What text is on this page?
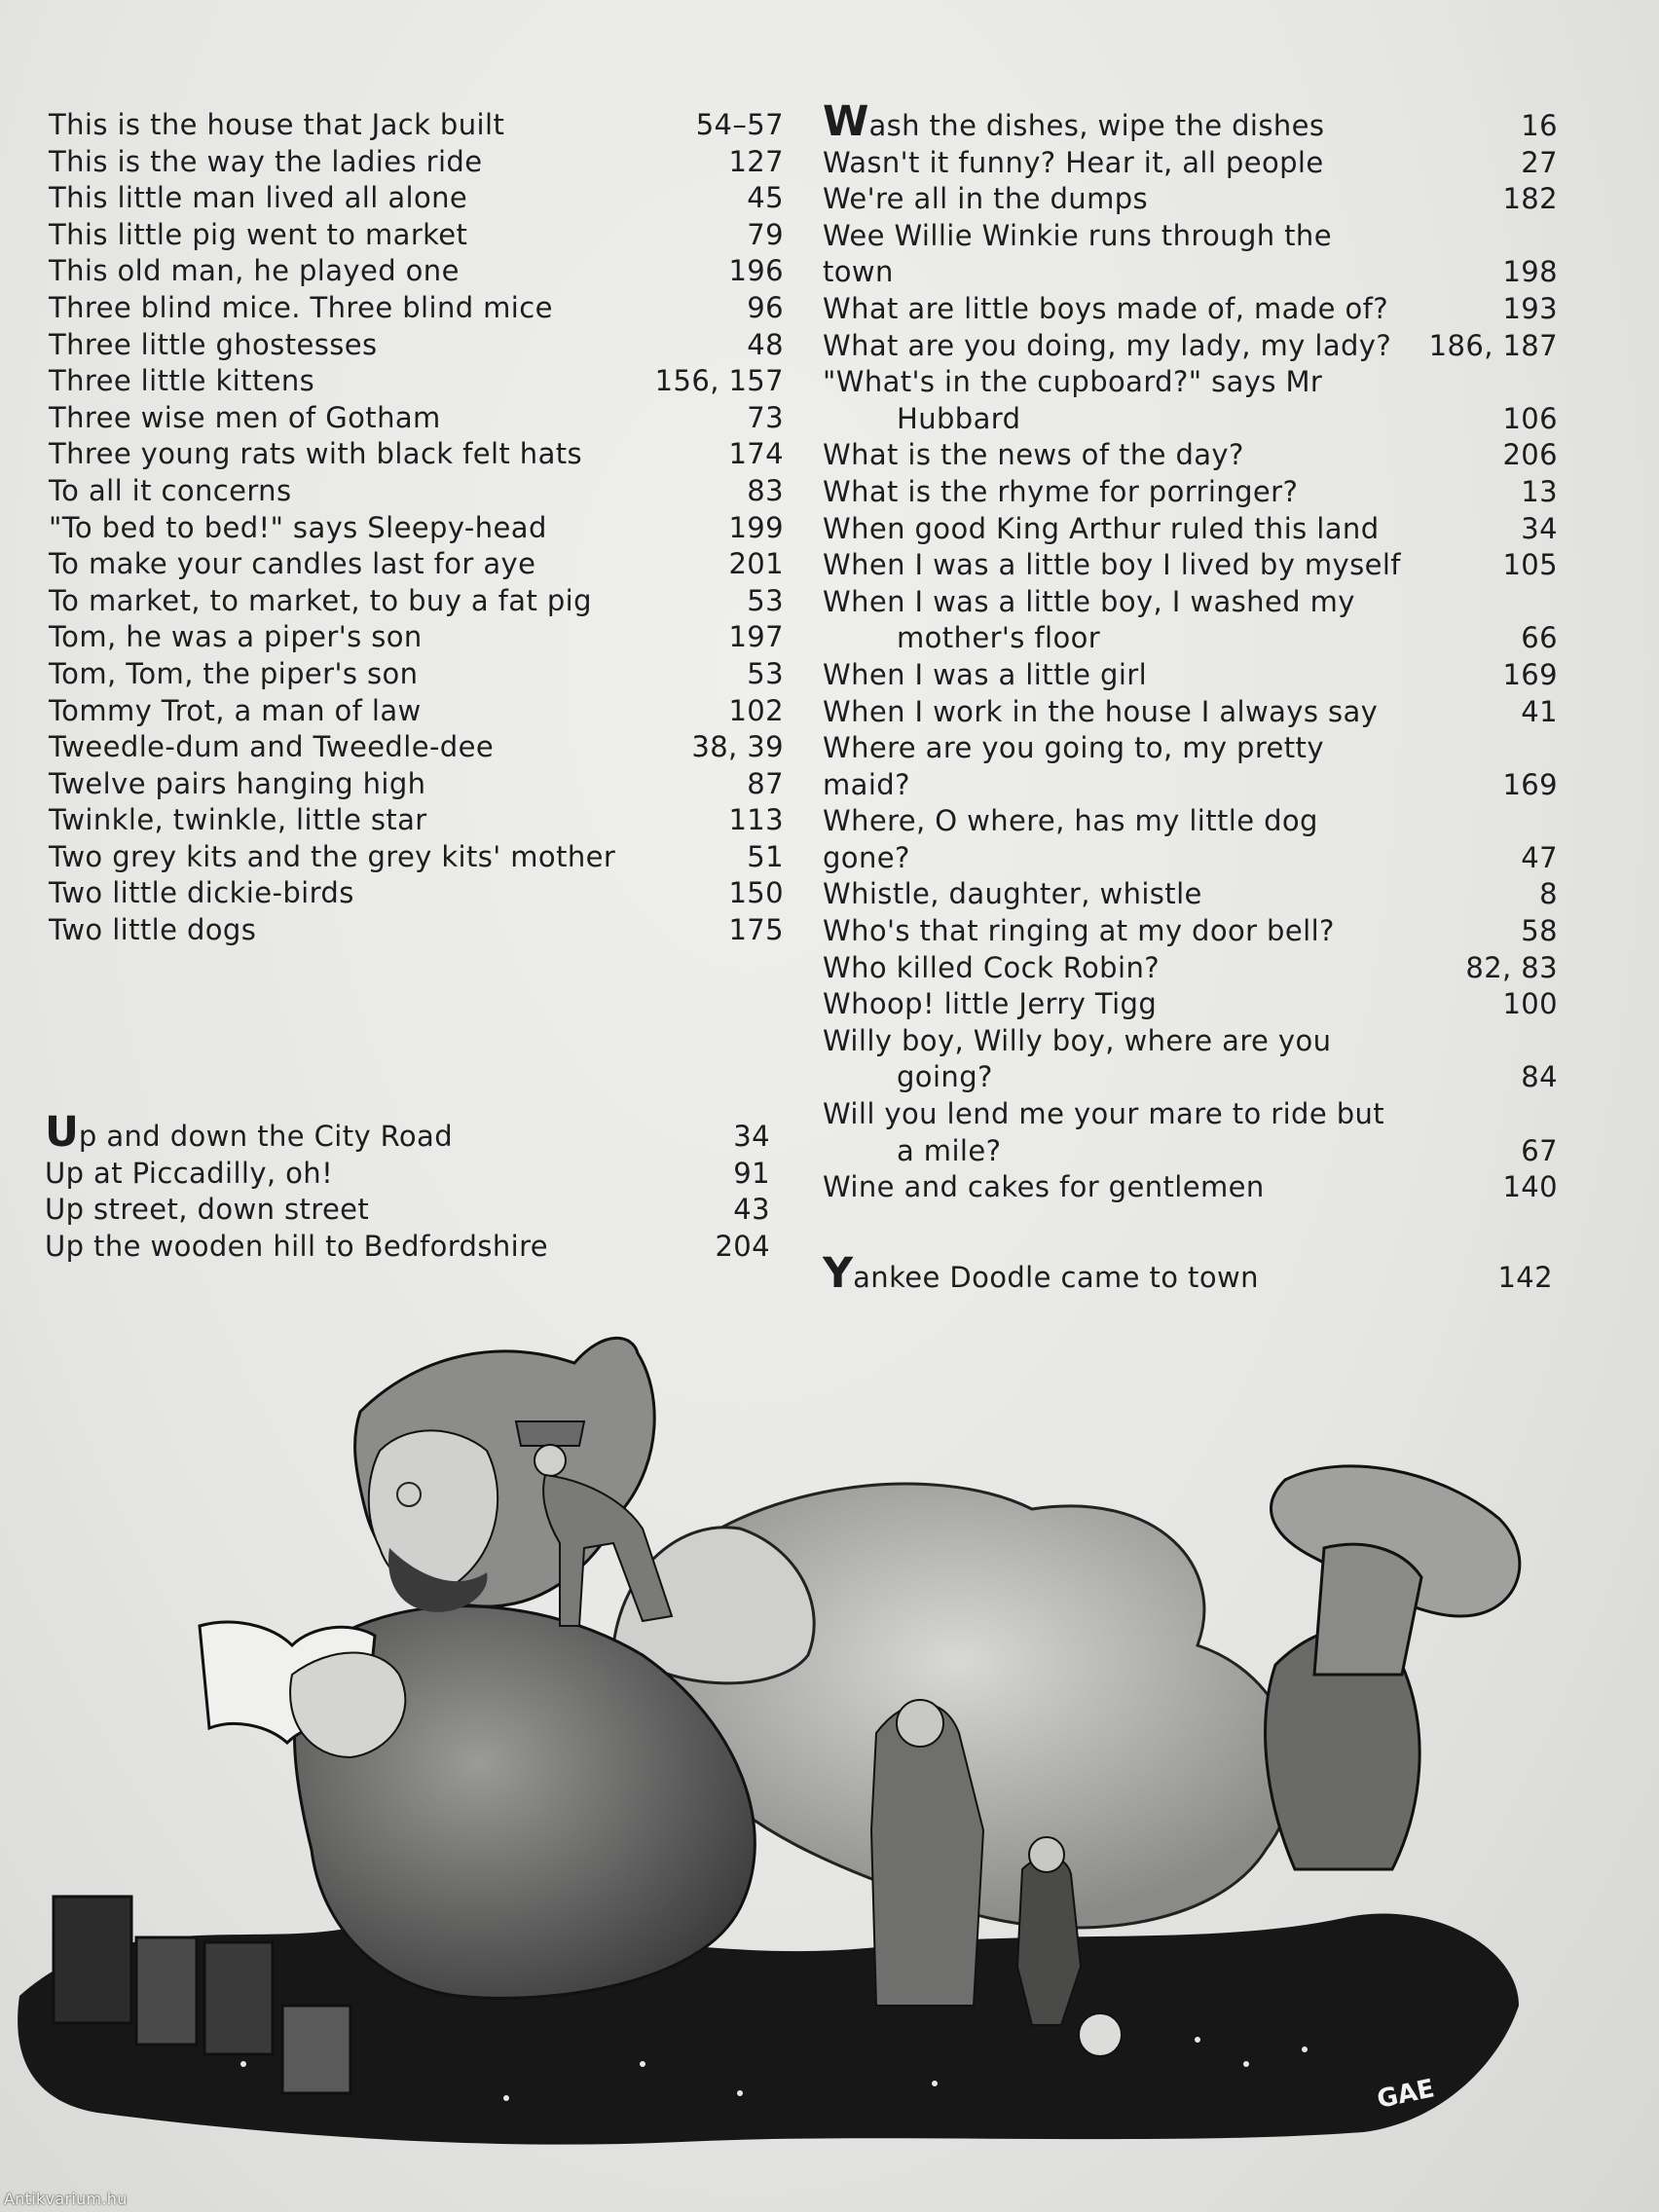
This is the house that Jack built	54–57
This is the way the ladies ride	127
This little man lived all alone	45
This little pig went to market	79
This old man, he played one	196
Three blind mice. Three blind mice	96
Three little ghostesses	48
Three little kittens	156, 157
Three wise men of Gotham	73
Three young rats with black felt hats	174
To all it concerns	83
"To bed to bed!" says Sleepy-head	199
To make your candles last for aye	201
To market, to market, to buy a fat pig	53
Tom, he was a piper's son	197
Tom, Tom, the piper's son	53
Tommy Trot, a man of law	102
Tweedle-dum and Tweedle-dee	38, 39
Twelve pairs hanging high	87
Twinkle, twinkle, little star	113
Two grey kits and the grey kits' mother	51
Two little dickie-birds	150
Two little dogs	175
Up and down the City Road	34
Up at Piccadilly, oh!	91
Up street, down street	43
Up the wooden hill to Bedfordshire	204
Wash the dishes, wipe the dishes	16
Wasn't it funny? Hear it, all people	27
We're all in the dumps	182
Wee Willie Winkie runs through the town	198
What are little boys made of, made of?	193
What are you doing, my lady, my lady?	186, 187
"What's in the cupboard?" says Mr
Hubbard	106
What is the news of the day?	206
What is the rhyme for porringer?	13
When good King Arthur ruled this land	34
When I was a little boy I lived by myself	105
When I was a little boy, I washed my
mother's floor	66
When I was a little girl	169
When I work in the house I always say	41
Where are you going to, my pretty maid?	169
Where, O where, has my little dog gone?	47
Whistle, daughter, whistle	8
Who's that ringing at my door bell?	58
Who killed Cock Robin?	82, 83
Whoop! little Jerry Tigg	100
Willy boy, Willy boy, where are you
going?	84
Will you lend me your mare to ride but
a mile?	67
Wine and cakes for gentlemen	140
Yankee Doodle came to town	142
GAE
Antikvarium.hu
